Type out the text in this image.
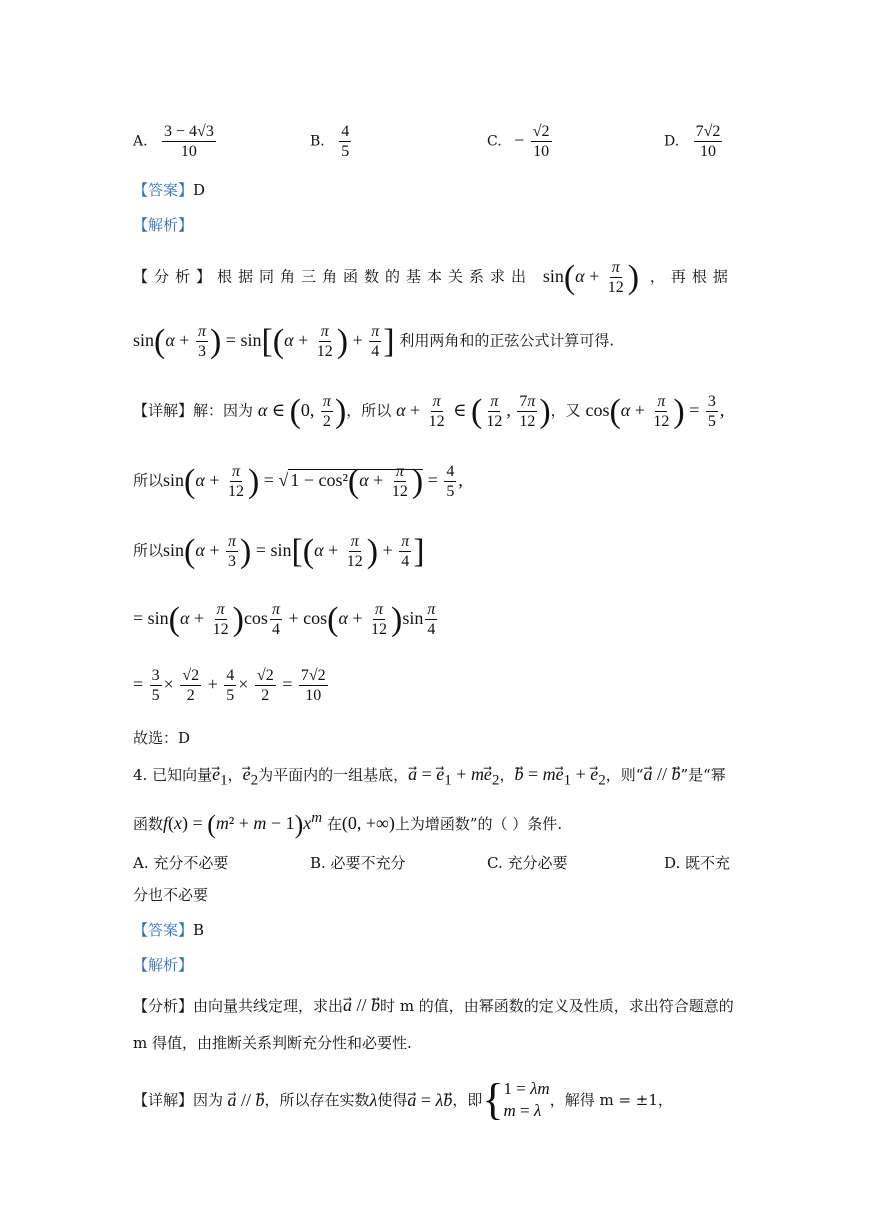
A. $\frac{3 - 4√3}{10}$	B. $\frac{4}{5}$	C. − $\frac{√2}{10}$	D. $\frac{7√2}{10}$
【答案】D
【解析】
【分析】根据同角三角函数的基本关系求出 $\sin(\alpha + \frac{\pi}{12}$ ) ，再根据
$\sin(\alpha + \frac{\pi}{3}$ ) = $\sin[(\alpha + \frac{\pi}{12}$ ) + $\frac{\pi}{4}$ ] 利用两角和的正弦公式计算可得.
【详解】解：因为 α ∈ (0, $\frac{\pi}{2}$ )，所以 $\alpha + \frac{\pi}{12}$ ∈ ( $\frac{\pi}{12}$ , $\frac{7\pi}{12}$ )，又 $\cos(\alpha + \frac{\pi}{12}$ ) = $\frac{3}{5}$ ,
所以$\sin(\alpha + \frac{\pi}{12}$ ) = √ $1 - \cos^2(\alpha + \frac{\pi}{12}$ ) = $\frac{4}{5}$ ,
所以$\sin(\alpha + \frac{\pi}{3}$ ) = $\sin[(\alpha + \frac{\pi}{12}$ ) + $\frac{\pi}{4}$ ]
= $\sin(\alpha + \frac{\pi}{12} )\cos \frac{\pi}{4} + \cos(\alpha + \frac{\pi}{12} )\sin \frac{\pi}{4}$
= $\frac{3}{5} \times \frac{√2}{2} + \frac{4}{5} \times \frac{√2}{2} = \frac{7√2}{10}$
故选：D
4. 已知向量$e_1$，$e_2$为平面内的一组基底，a⃗ = $e_1 + me_2$，b⃗ = $me_1 + e_2$，则“a⃗ // b”是“幂
函数$f(x) = (m^2 + m - 1)x^m$ 在(0, +∞)上为增函数”的（ ）条件.
A. 充分不必要	B. 必要不充分	C. 充分必要	D. 既不充
分也不必要
【答案】B
【解析】
【分析】由向量共线定理，求出a⃗ // b时 m 的值，由幂函数的定义及性质，求出符合题意的
m 得值，由推断关系判断充分性和必要性.
【详解】 因为 a⃗ // b ，所以存在实数 λ 使得 a⃗ = λb ，即 { 1 = λm
m = λ
，解得 m = ±1，
